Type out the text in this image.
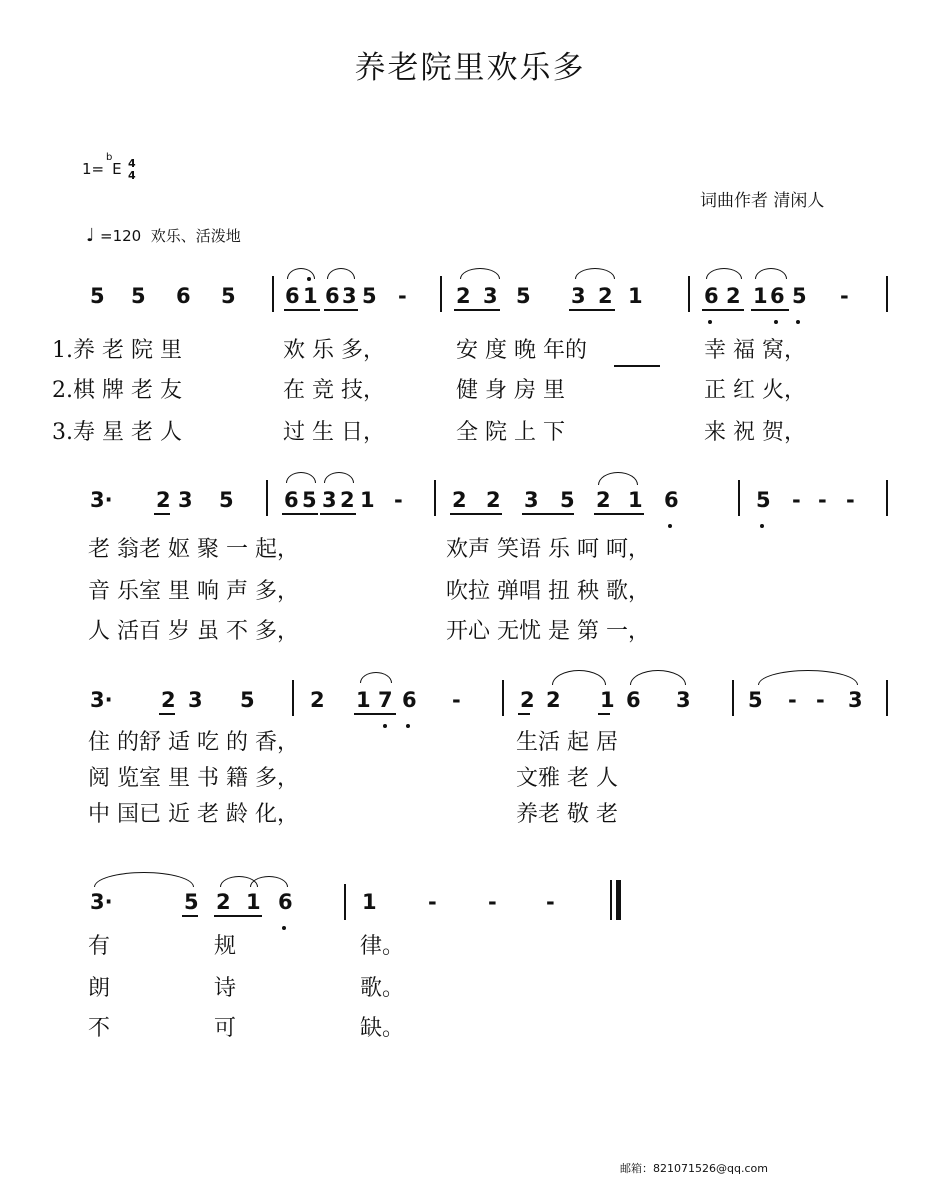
养老院里欢乐多
1=
b
E 4
4
♩ =120 欢乐、活泼地
词曲作者 清闲人
5 5 6 5 6 1 6 3 5 - 2 3 5 3 2 1	6 2 1 6 5 -
1.养 老 院 里	欢 乐 多，	安 度 晚 年的	幸 福 窝，
2.棋 牌 老 友	在 竞 技，	健 身 房 里	正 红 火，
3.寿 星 老 人	过 生 日，	全 院 上 下	来 祝 贺，
3· 2 3 5 6 5 3 2 1 - 2 2 3 5 2 1 6	5 - - -
老 翁老 妪 聚 一 起，	欢声 笑语 乐 呵 呵，
音 乐室 里 响 声 多，	吹拉 弹唱 扭 秧 歌，
人 活百 岁 虽 不 多，	开心 无忧 是 第 一，
3· 2 3 5	2 1 7 6 -	2 2 1 6 3	5 - - 3
住 的舒 适 吃 的 香，	生活 起 居
阅 览室 里 书 籍 多，	文雅 老 人
中 国已 近 老 龄 化，	养老 敬 老
3·	5 2 1 6	1 - - -
有	规	律。
朗	诗	歌。
不	可	缺。
邮箱：821071526@qq.com
